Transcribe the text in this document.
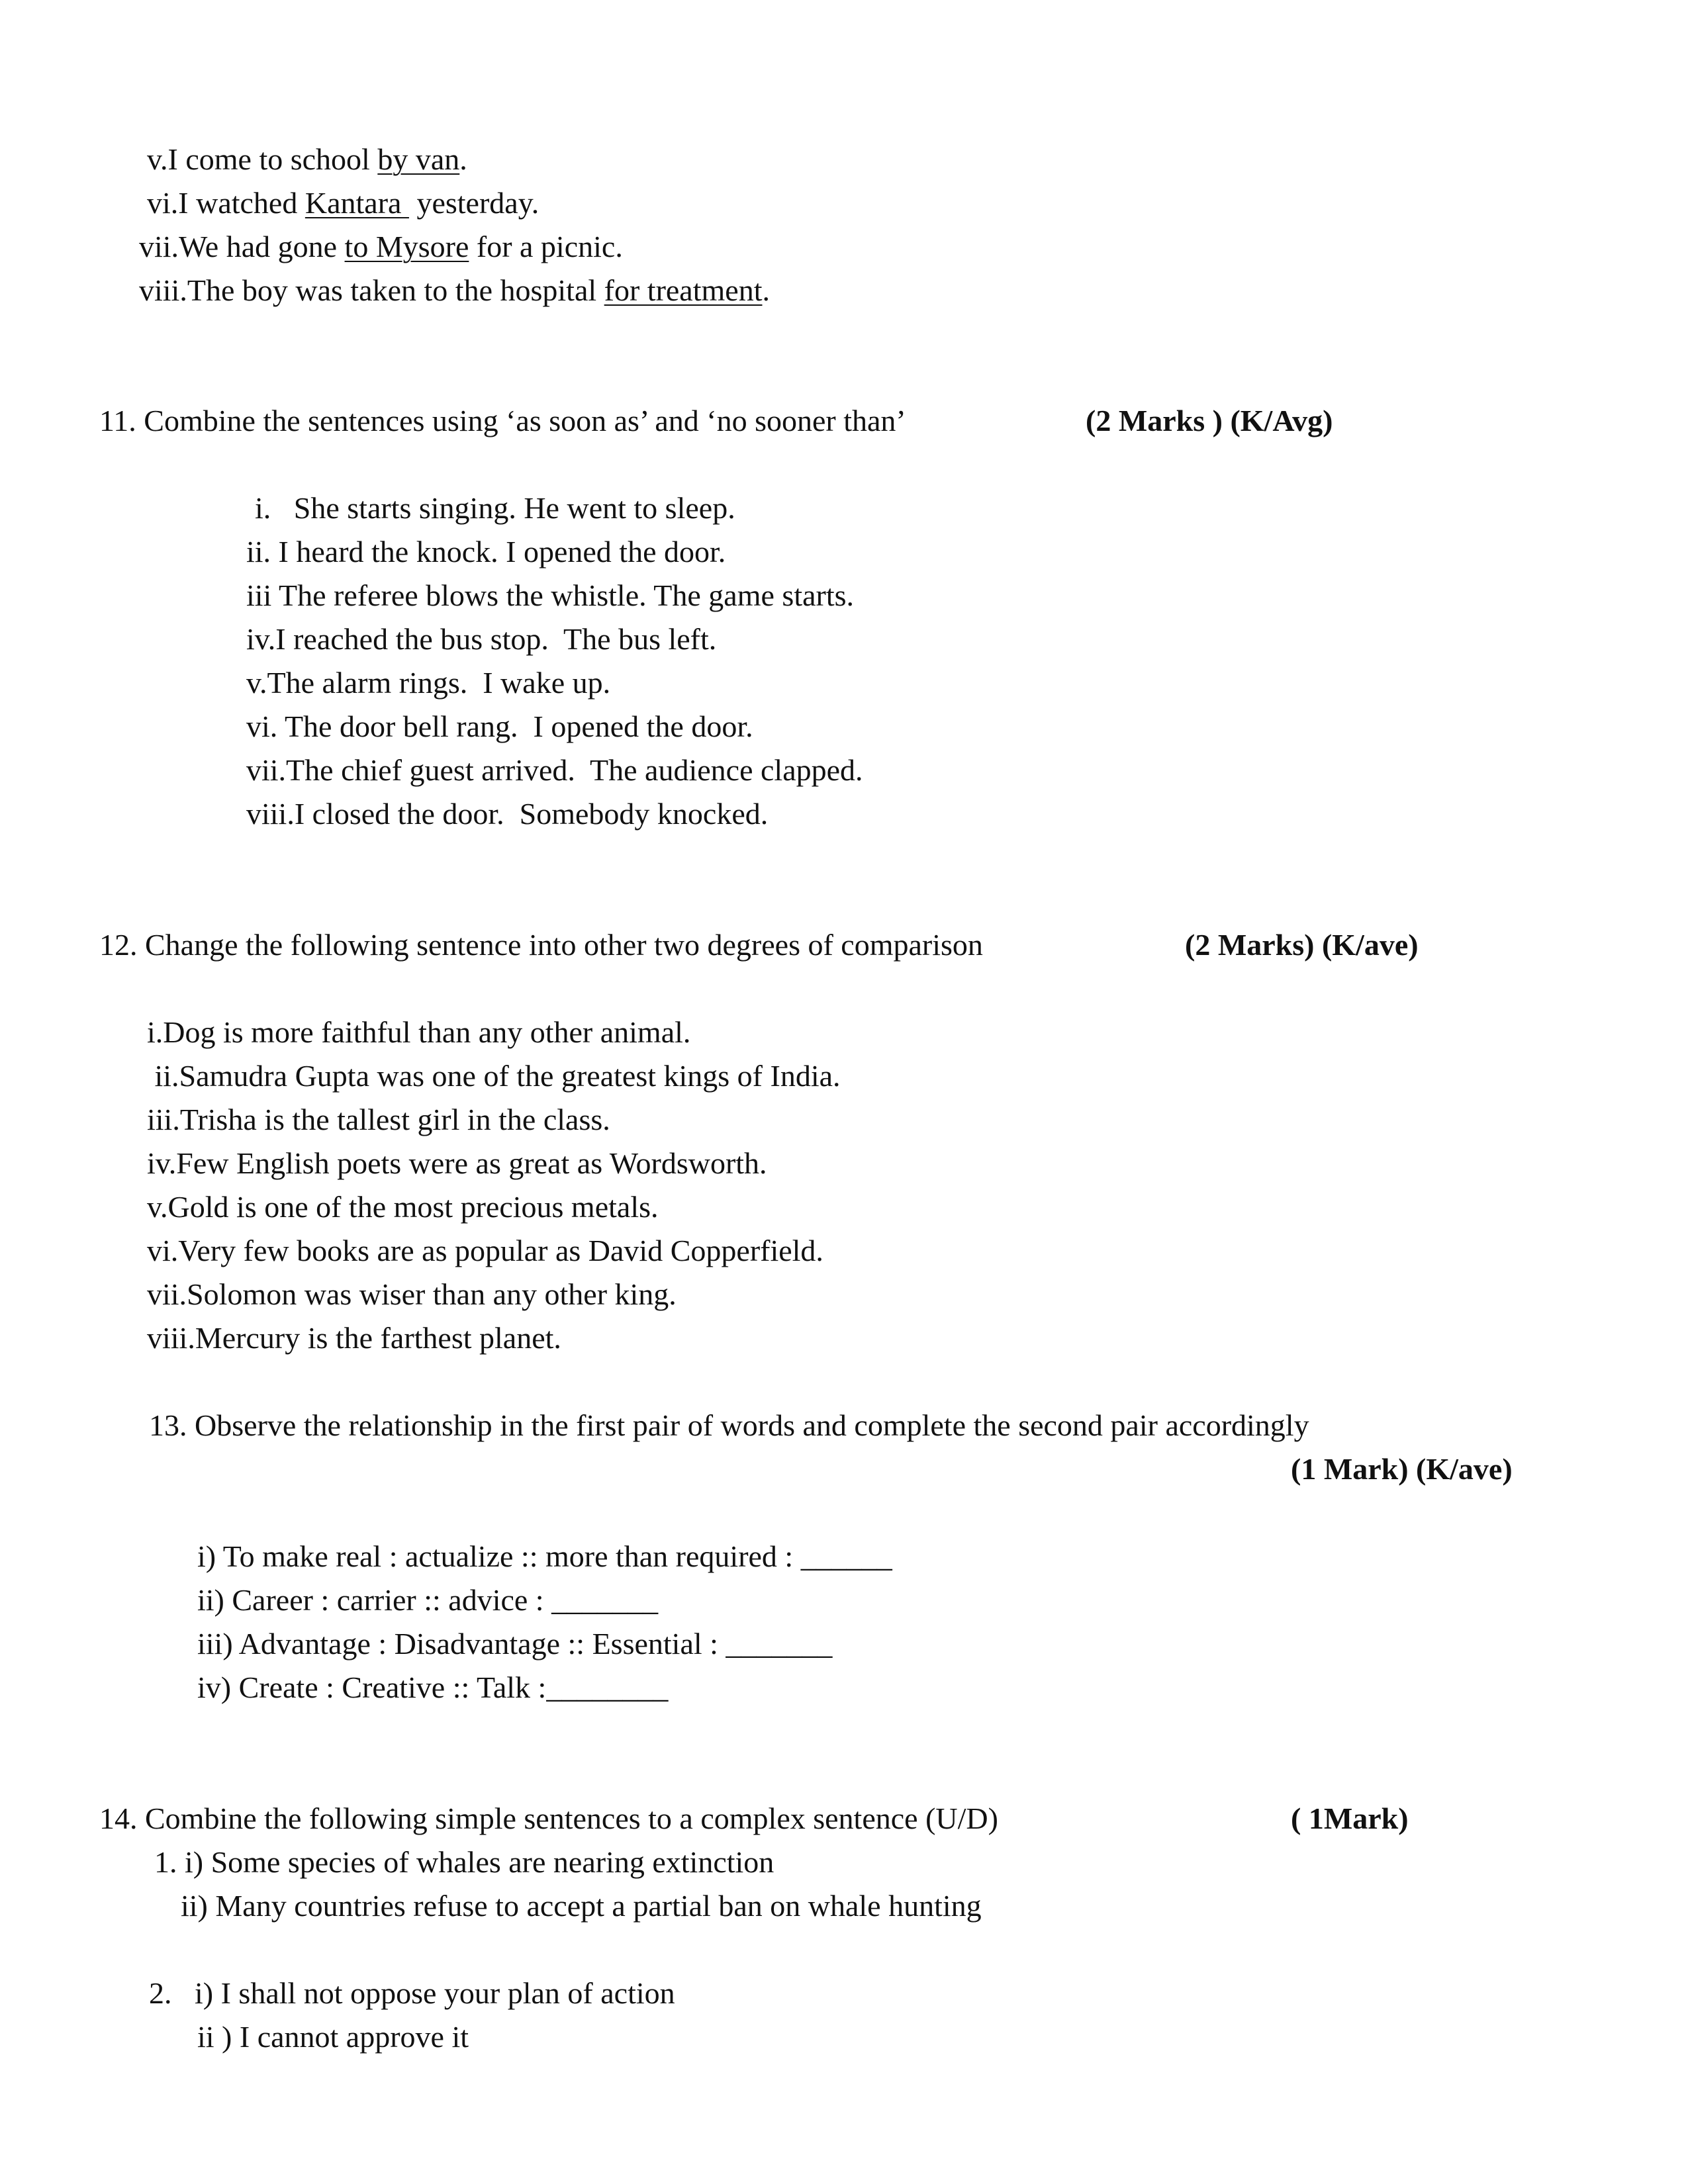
v.I come to school by van.
vi.I watched Kantara  yesterday.
vii.We had gone to Mysore for a picnic.
viii.The boy was taken to the hospital for treatment.
11. Combine the sentences using ‘as soon as’ and ‘no sooner than’	(2 Marks ) (K/Avg)
i.   She starts singing. He went to sleep.
ii. I heard the knock. I opened the door.
iii The referee blows the whistle. The game starts.
iv.I reached the bus stop.  The bus left.
v.The alarm rings.  I wake up.
vi. The door bell rang.  I opened the door.
vii.The chief guest arrived.  The audience clapped.
viii.I closed the door.  Somebody knocked.
12. Change the following sentence into other two degrees of comparison	(2 Marks) (K/ave)
i.Dog is more faithful than any other animal.
ii.Samudra Gupta was one of the greatest kings of India.
iii.Trisha is the tallest girl in the class.
iv.Few English poets were as great as Wordsworth.
v.Gold is one of the most precious metals.
vi.Very few books are as popular as David Copperfield.
vii.Solomon was wiser than any other king.
viii.Mercury is the farthest planet.
13. Observe the relationship in the first pair of words and complete the second pair accordingly
(1 Mark) (K/ave)
i) To make real : actualize :: more than required : ______
ii) Career : carrier :: advice : _______
iii) Advantage : Disadvantage :: Essential : _______
iv) Create : Creative :: Talk :________
14. Combine the following simple sentences to a complex sentence (U/D)	( 1Mark)
1. i) Some species of whales are nearing extinction
ii) Many countries refuse to accept a partial ban on whale hunting
2.   i) I shall not oppose your plan of action
ii ) I cannot approve it
